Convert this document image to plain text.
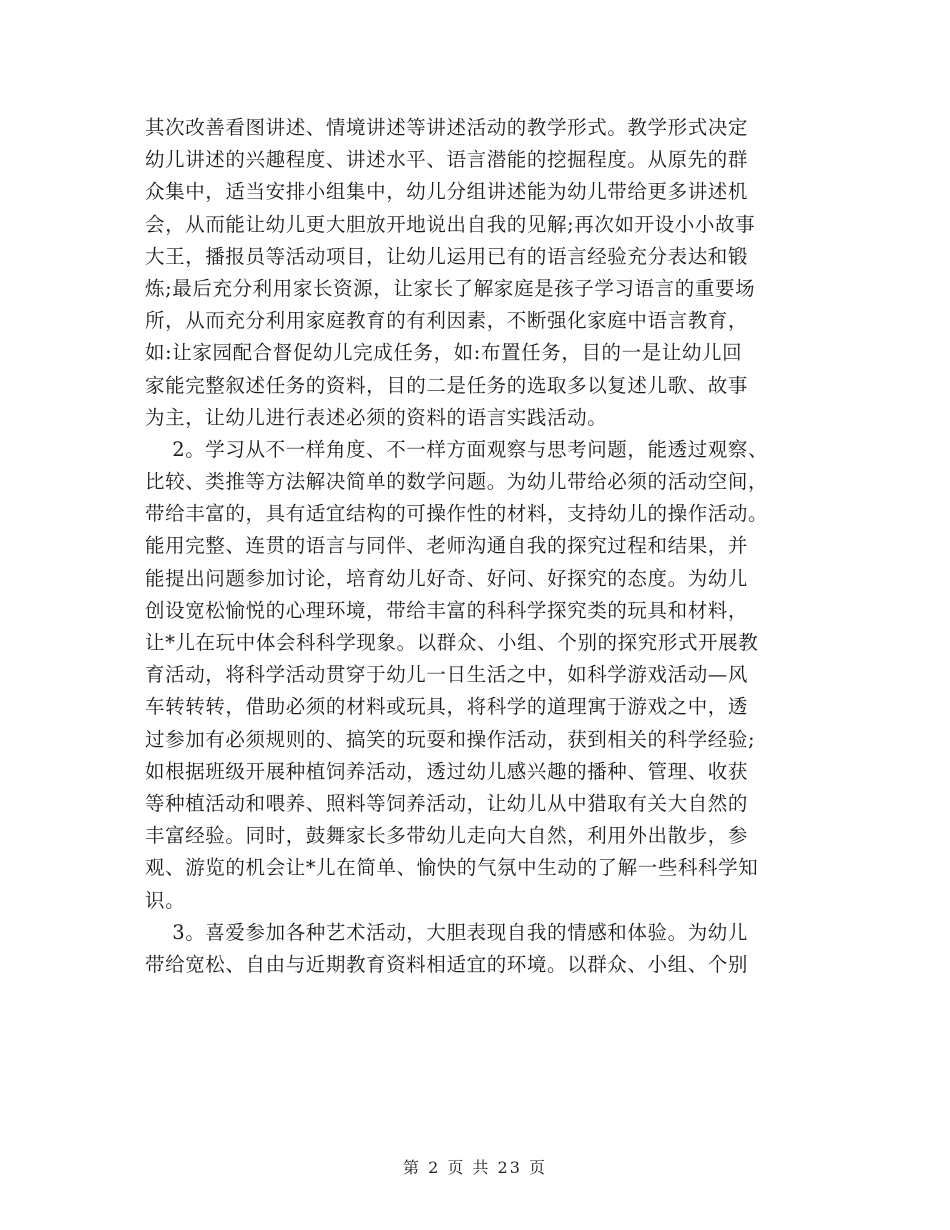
其次改善看图讲述、情境讲述等讲述活动的教学形式。教学形式决定
幼儿讲述的兴趣程度、讲述水平、语言潜能的挖掘程度。从原先的群
众集中，适当安排小组集中，幼儿分组讲述能为幼儿带给更多讲述机
会，从而能让幼儿更大胆放开地说出自我的见解;再次如开设小小故事
大王，播报员等活动项目，让幼儿运用已有的语言经验充分表达和锻
炼;最后充分利用家长资源，让家长了解家庭是孩子学习语言的重要场
所，从而充分利用家庭教育的有利因素，不断强化家庭中语言教育，
如:让家园配合督促幼儿完成任务，如:布置任务，目的一是让幼儿回
家能完整叙述任务的资料，目的二是任务的选取多以复述儿歌、故事
为主，让幼儿进行表述必须的资料的语言实践活动。
2。学习从不一样角度、不一样方面观察与思考问题，能透过观察、
比较、类推等方法解决简单的数学问题。为幼儿带给必须的活动空间，
带给丰富的，具有适宜结构的可操作性的材料，支持幼儿的操作活动。
能用完整、连贯的语言与同伴、老师沟通自我的探究过程和结果，并
能提出问题参加讨论，培育幼儿好奇、好问、好探究的态度。为幼儿
创设宽松愉悦的心理环境，带给丰富的科科学探究类的玩具和材料，
让*儿在玩中体会科科学现象。以群众、小组、个别的探究形式开展教
育活动，将科学活动贯穿于幼儿一日生活之中，如科学游戏活动—风
车转转转，借助必须的材料或玩具，将科学的道理寓于游戏之中，透
过参加有必须规则的、搞笑的玩耍和操作活动，获到相关的科学经验;
如根据班级开展种植饲养活动，透过幼儿感兴趣的播种、管理、收获
等种植活动和喂养、照料等饲养活动，让幼儿从中猎取有关大自然的
丰富经验。同时，鼓舞家长多带幼儿走向大自然，利用外出散步，参
观、游览的机会让*儿在简单、愉快的气氛中生动的了解一些科科学知
识。
3。喜爱参加各种艺术活动，大胆表现自我的情感和体验。为幼儿
带给宽松、自由与近期教育资料相适宜的环境。以群众、小组、个别
第 2 页 共 23 页
